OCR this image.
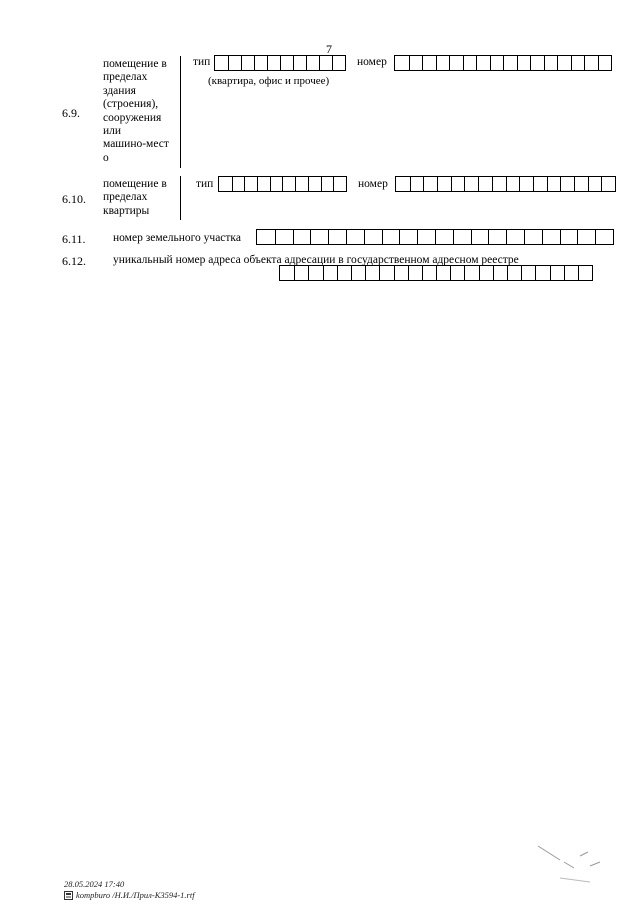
7
6.9.
помещение в
пределах
здания
(строения),
сооружения
или
машино-мест
о
тип
(квартира, офис и прочее)
номер
6.10.
помещение в
пределах
квартиры
тип	номер
6.11. номер земельного участка
6.12. уникальный номер адреса объекта адресации в государственном адресном реестре
28.05.2024 17:40
kompburo /Н.И./Прил-К3594-1.rtf
